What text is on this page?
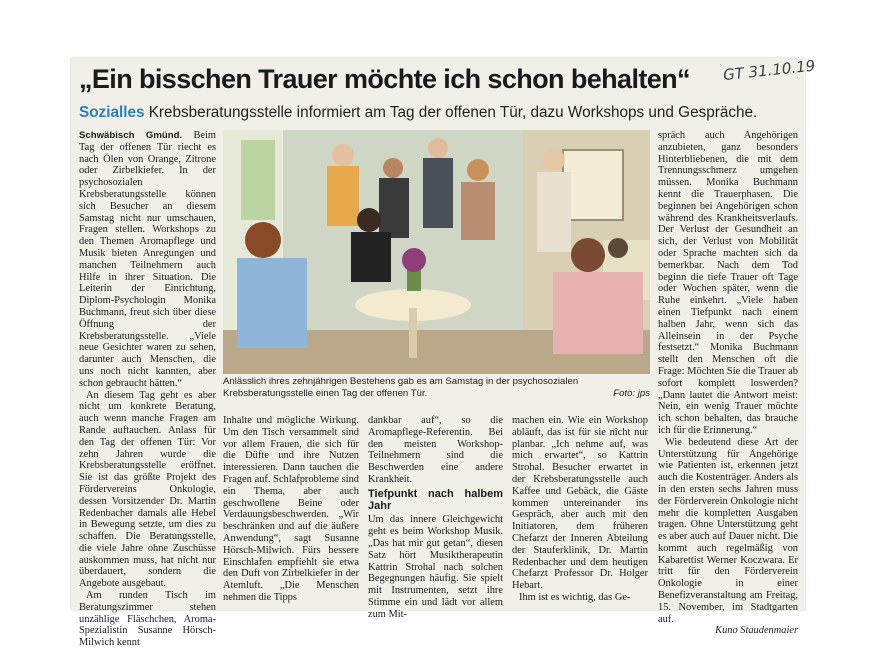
„Ein bisschen Trauer möchte ich schon behalten“	GT 31.10.19
Sozialles Krebsberatungsstelle informiert am Tag der offenen Tür, dazu Workshops und Gespräche.

Schwäbisch Gmünd. Beim Tag der offenen Tür riecht es nach Ölen von Orange, Zitrone oder Zirbelkiefer. In der psychosozialen Krebsberatungsstelle können sich Besucher an diesem Samstag nicht nur umschauen, Fragen stellen. Workshops zu den Themen Aromapflege und Musik bieten Anregungen und manchen Teilnehmern auch Hilfe in ihrer Situation. Die Leiterin der Einrichtung, Diplom-Psychologin Monika Buchmann, freut sich über diese Öffnung der Krebsberatungsstelle. „Viele neue Gesichter waren zu sehen, darunter auch Menschen, die uns noch nicht kannten, aber schon gebraucht hätten.“

An diesem Tag geht es aber nicht um konkrete Beratung, auch wenn manche Fragen am Rande auftauchen. Anlass für den Tag der offenen Tür: Vor zehn Jahren wurde die Krebsberatungsstelle eröffnet. Sie ist das größte Projekt des Fördervereins Onkologie, dessen Vorsitzender Dr. Martin Redenbacher damals alle Hebel in Bewegung setzte, um dies zu schaffen. Die Beratungsstelle, die viele Jahre ohne Zuschüsse auskommen muss, hat nicht nur überdauert, sondern die Angebote ausgebaut.

Am runden Tisch im Beratungszimmer stehen unzählige Fläschchen, Aroma-Spezialistin Susanne Hörsch-Milwich kennt

Anlässlich ihres zehnjährigen Bestehens gab es am Samstag in der psychosozialen Krebsberatungsstelle einen Tag der offenen Tür.	Foto: jps

Inhalte und mögliche Wirkung. Um den Tisch versammelt sind vor allem Frauen, die sich für die Düfte und ihre Nutzen interessieren. Dann tauchen die Fragen auf. Schlafprobleme sind ein Thema, aber auch geschwollene Beine oder Verdauungsbeschwerden. „Wir beschränken und auf die äußere Anwendung“, sagt Susanne Hörsch-Milwich. Fürs bessere Einschlafen empfiehlt sie etwa den Duft von Zirbelkiefer in der Atemluft. „Die Menschen nehmen die Tipps

dankbar auf“, so die Aromapflege-Referentin. Bei den meisten Workshop-Teilnehmern sind die Beschwerden eine andere Krankheit.

Tiefpunkt nach halbem Jahr

Um das innere Gleichgewicht geht es beim Workshop Musik. „Das hat mir gut getan“, diesen Satz hört Musiktherapeutin Kattrin Strohal nach solchen Begegnungen häufig. Sie spielt mit Instrumenten, setzt ihre Stimme ein und lädt vor allem zum Mit-

machen ein. Wie ein Workshop abläuft, das ist für sie nicht nur planbar. „Ich nehme auf, was mich erwartet“, so Kattrin Strohal. Besucher erwartet in der Krebsberatungsstelle auch Kaffee und Gebäck, die Gäste kommen untereinander ins Gespräch, aber auch mit den Initiatoren, dem früheren Chefarzt der Inneren Abteilung der Stauferklinik, Dr. Martin Redenbacher und dem heutigen Chefarzt Professor Dr. Holger Hebart.

Ihm ist es wichtig, das Ge-

spräch auch Angehörigen anzubieten, ganz besonders Hinterbliebenen, die mit dem Trennungsschmerz umgehen müssen. Monika Buchmann kennt die Trauerphasen. Die beginnen bei Angehörigen schon während des Krankheitsverlaufs. Der Verlust der Gesundheit an sich, der Verlust von Mobilität oder Sprache machten sich da bemerkbar. Nach dem Tod beginn die tiefe Trauer oft Tage oder Wochen später, wenn die Ruhe einkehrt. „Viele haben einen Tiefpunkt nach einem halben Jahr, wenn sich das Alleinsein in der Psyche festsetzt.“ Monika Buchmann stellt den Menschen oft die Frage: Möchten Sie die Trauer ab sofort komplett loswerden? „Dann lautet die Antwort meist: Nein, ein wenig Trauer möchte ich schon behalten, das brauche ich für die Erinnerung.“

Wie bedeutend diese Art der Unterstützung für Angehörige wie Patienten ist, erkennen jetzt auch die Kostenträger. Anders als in den ersten sechs Jahren muss der Förderverein Onkologie nicht mehr die kompletten Ausgaben tragen. Ohne Unterstützung geht es aber auch auf Dauer nicht. Die kommt auch regelmäßig von Kabarettist Werner Koczwara. Er tritt für den Förderverein Onkologie in einer Benefizveranstaltung am Freitag, 15. November, im Stadtgarten auf.

Kuno Staudenmaier
